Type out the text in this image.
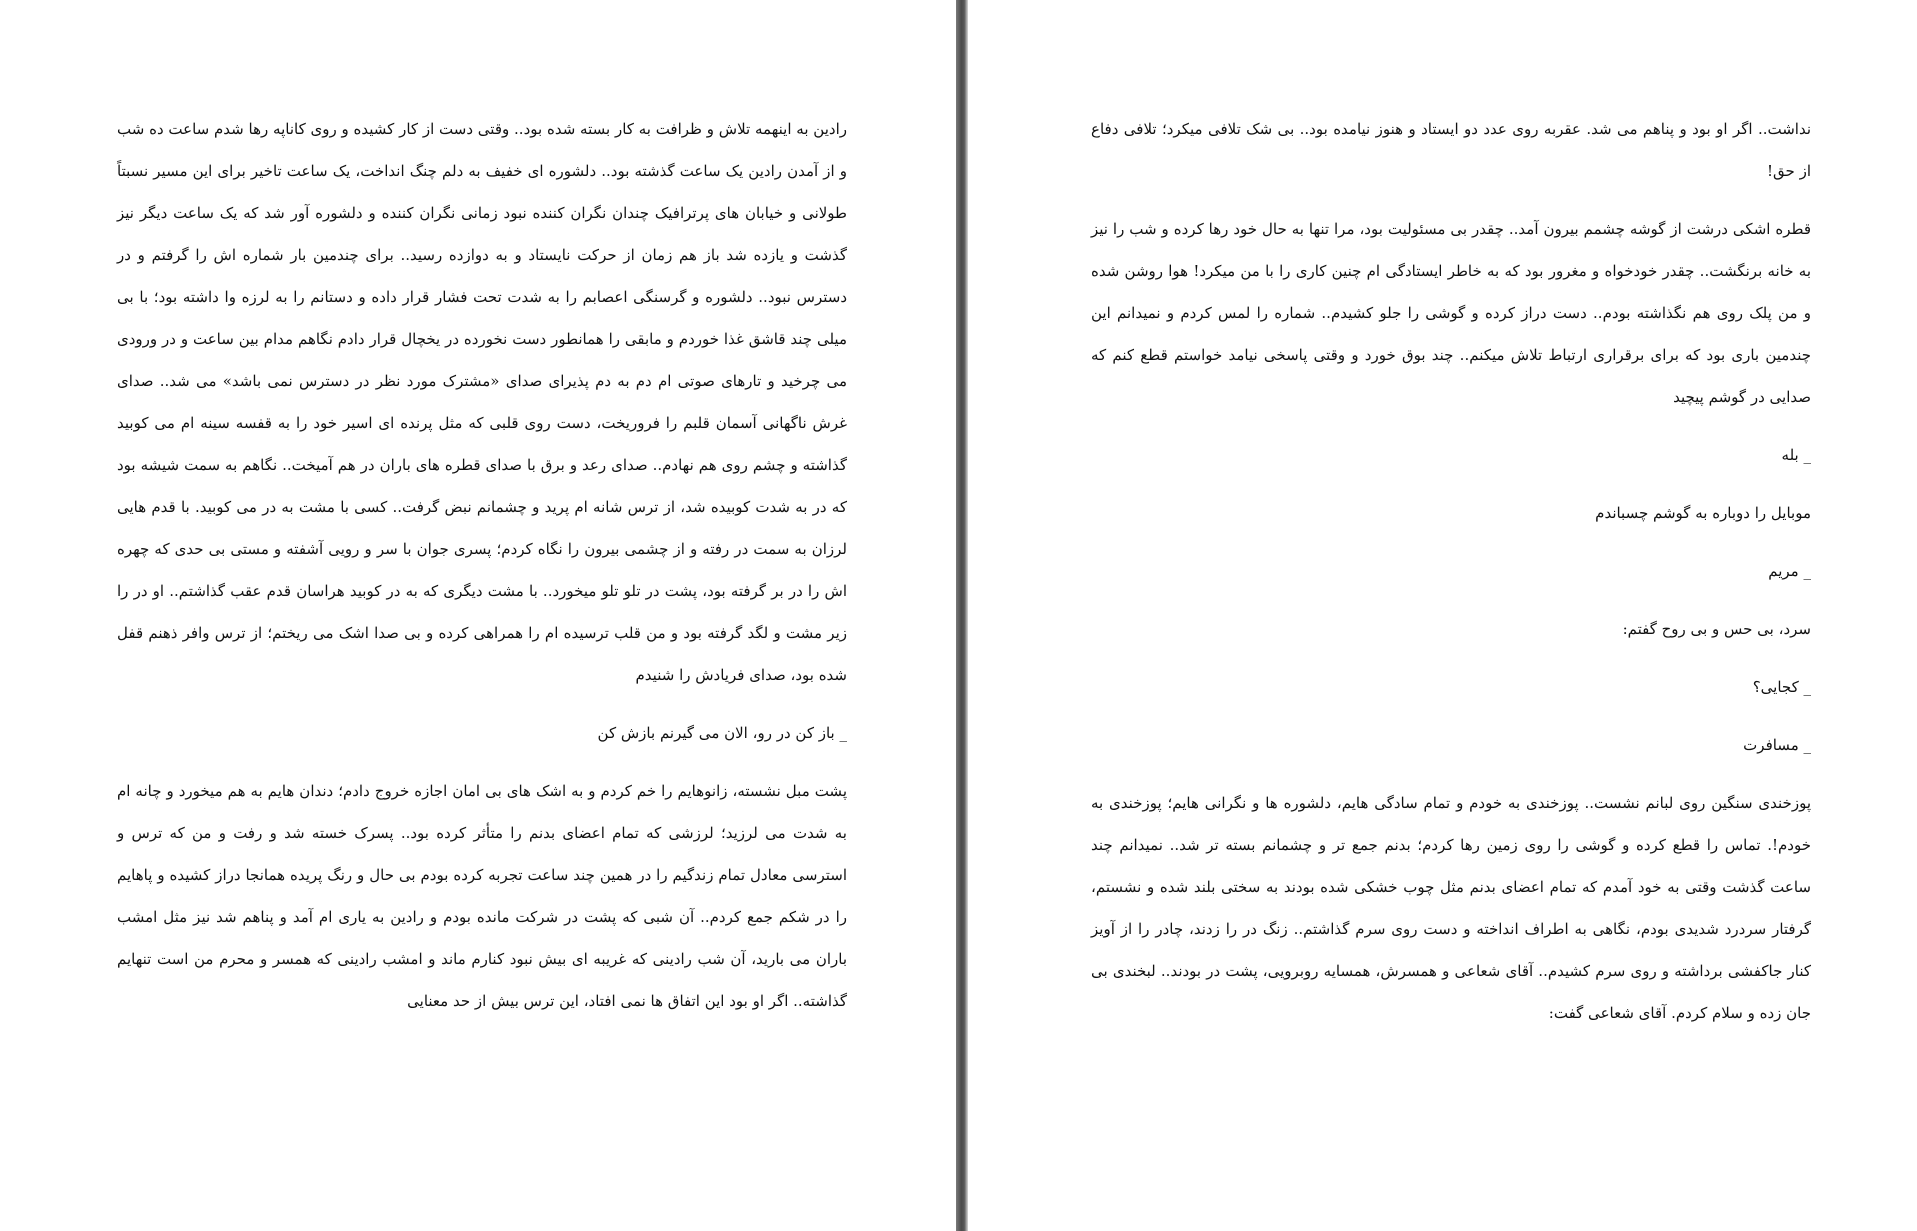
رادین به اینهمه تلاش و ظرافت به کار بسته شده بود.. وقتی دست از کار کشیده و روی کاناپه رها شدم ساعت ده شب و از آمدن رادین یک ساعت گذشته بود.. دلشوره ای خفیف به دلم چنگ انداخت، یک ساعت تاخیر برای این مسیر نسبتاً طولانی و خیابان های پرترافیک چندان نگران کننده نبود زمانی نگران کننده و دلشوره آور شد که یک ساعت دیگر نیز گذشت و یازده شد باز هم زمان از حرکت نایستاد و به دوازده رسید.. برای چندمین بار شماره اش را گرفتم و در دسترس نبود.. دلشوره و گرسنگی اعصابم را به شدت تحت فشار قرار داده و دستانم را به لرزه وا داشته بود؛ با بی میلی چند قاشق غذا خوردم و مابقی را همانطور دست نخورده در یخچال قرار دادم نگاهم مدام بین ساعت و در ورودی می چرخید و تارهای صوتی ام دم به دم پذیرای صدای «مشترک مورد نظر در دسترس نمی باشد» می شد.. صدای غرش ناگهانی آسمان قلبم را فروریخت، دست روی قلبی که مثل پرنده ای اسیر خود را به قفسه سینه ام می کوبید گذاشته و چشم روی هم نهادم.. صدای رعد و برق با صدای قطره های باران در هم آمیخت.. نگاهم به سمت شیشه بود که در به شدت کوبیده شد، از ترس شانه ام پرید و چشمانم نبض گرفت.. کسی با مشت به در می کوبید. با قدم هایی لرزان به سمت در رفته و از چشمی بیرون را نگاه کردم؛ پسری جوان با سر و رویی آشفته و مستی بی حدی که چهره اش را در بر گرفته بود، پشت در تلو تلو میخورد.. با مشت دیگری که به در کوبید هراسان قدم عقب گذاشتم.. او در را زیر مشت و لگد گرفته بود و من قلب ترسیده ام را همراهی کرده و بی صدا اشک می ریختم؛ از ترس وافر ذهنم قفل شده بود، صدای فریادش را شنیدم

_ باز کن در رو، الان می گیرنم بازش کن

پشت مبل نشسته، زانوهایم را خم کردم و به اشک های بی امان اجازه خروج دادم؛ دندان هایم به هم میخورد و چانه ام به شدت می لرزید؛ لرزشی که تمام اعضای بدنم را متأثر کرده بود.. پسرک خسته شد و رفت و من که ترس و استرسی معادل تمام زندگیم را در همین چند ساعت تجربه کرده بودم بی حال و رنگ پریده همانجا دراز کشیده و پاهایم را در شکم جمع کردم.. آن شبی که پشت در شرکت مانده بودم و رادین به یاری ام آمد و پناهم شد نیز مثل امشب باران می بارید، آن شب رادینی که غریبه ای بیش نبود کنارم ماند و امشب رادینی که همسر و محرم من است تنهایم گذاشته.. اگر او بود این اتفاق ها نمی افتاد، این ترس بیش از حد معنایی

نداشت.. اگر او بود و پناهم می شد. عقربه روی عدد دو ایستاد و هنوز نیامده بود.. بی شک تلافی میکرد؛ تلافی دفاع از حق!

قطره اشکی درشت از گوشه چشمم بیرون آمد.. چقدر بی مسئولیت بود، مرا تنها به حال خود رها کرده و شب را نیز به خانه برنگشت.. چقدر خودخواه و مغرور بود که به خاطر ایستادگی ام چنین کاری را با من میکرد! هوا روشن شده و من پلک روی هم نگذاشته بودم.. دست دراز کرده و گوشی را جلو کشیدم.. شماره را لمس کردم و نمیدانم این چندمین باری بود که برای برقراری ارتباط تلاش میکنم.. چند بوق خورد و وقتی پاسخی نیامد خواستم قطع کنم که صدایی در گوشم پیچید

_ بله

موبایل را دوباره به گوشم چسباندم

_ مریم

سرد، بی حس و بی روح گفتم:

_ کجایی؟

_ مسافرت

پوزخندی سنگین روی لبانم نشست.. پوزخندی به خودم و تمام سادگی هایم، دلشوره ها و نگرانی هایم؛ پوزخندی به خودم!. تماس را قطع کرده و گوشی را روی زمین رها کردم؛ بدنم جمع تر و چشمانم بسته تر شد.. نمیدانم چند ساعت گذشت وقتی به خود آمدم که تمام اعضای بدنم مثل چوب خشکی شده بودند به سختی بلند شده و نشستم، گرفتار سردرد شدیدی بودم، نگاهی به اطراف انداخته و دست روی سرم گذاشتم.. زنگ در را زدند، چادر را از آویز کنار جاکفشی برداشته و روی سرم کشیدم.. آقای شعاعی و همسرش، همسایه روبرویی، پشت در بودند.. لبخندی بی جان زده و سلام کردم. آقای شعاعی گفت:
